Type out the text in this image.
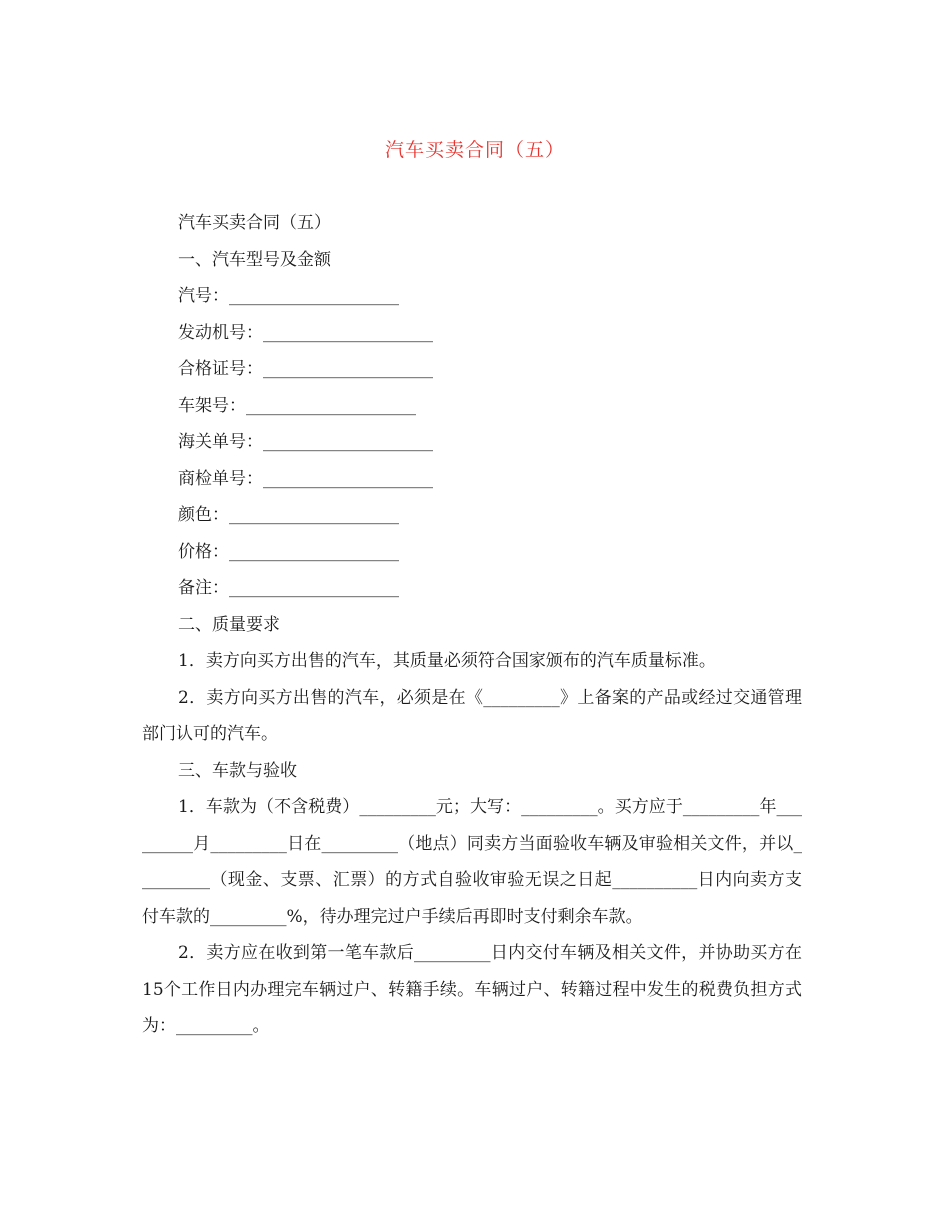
汽车买卖合同（五）

汽车买卖合同（五）

一、汽车型号及金额

汽号：____________________

发动机号：____________________

合格证号：____________________

车架号：____________________

海关单号：____________________

商检单号：____________________

颜色：____________________

价格：____________________

备注：____________________

二、质量要求

1．卖方向买方出售的汽车，其质量必须符合国家颁布的汽车质量标准。

2．卖方向买方出售的汽车，必须是在《_________》上备案的产品或经过交通管理部门认可的汽车。

三、车款与验收

1．车款为（不含税费）_________元；大写：_________。买方应于_________年_________月_________日在_________（地点）同卖方当面验收车辆及审验相关文件，并以_________（现金、支票、汇票）的方式自验收审验无误之日起__________日内向卖方支付车款的_________%，待办理完过户手续后再即时支付剩余车款。

2．卖方应在收到第一笔车款后_________日内交付车辆及相关文件，并协助买方在15个工作日内办理完车辆过户、转籍手续。车辆过户、转籍过程中发生的税费负担方式为：_________。
